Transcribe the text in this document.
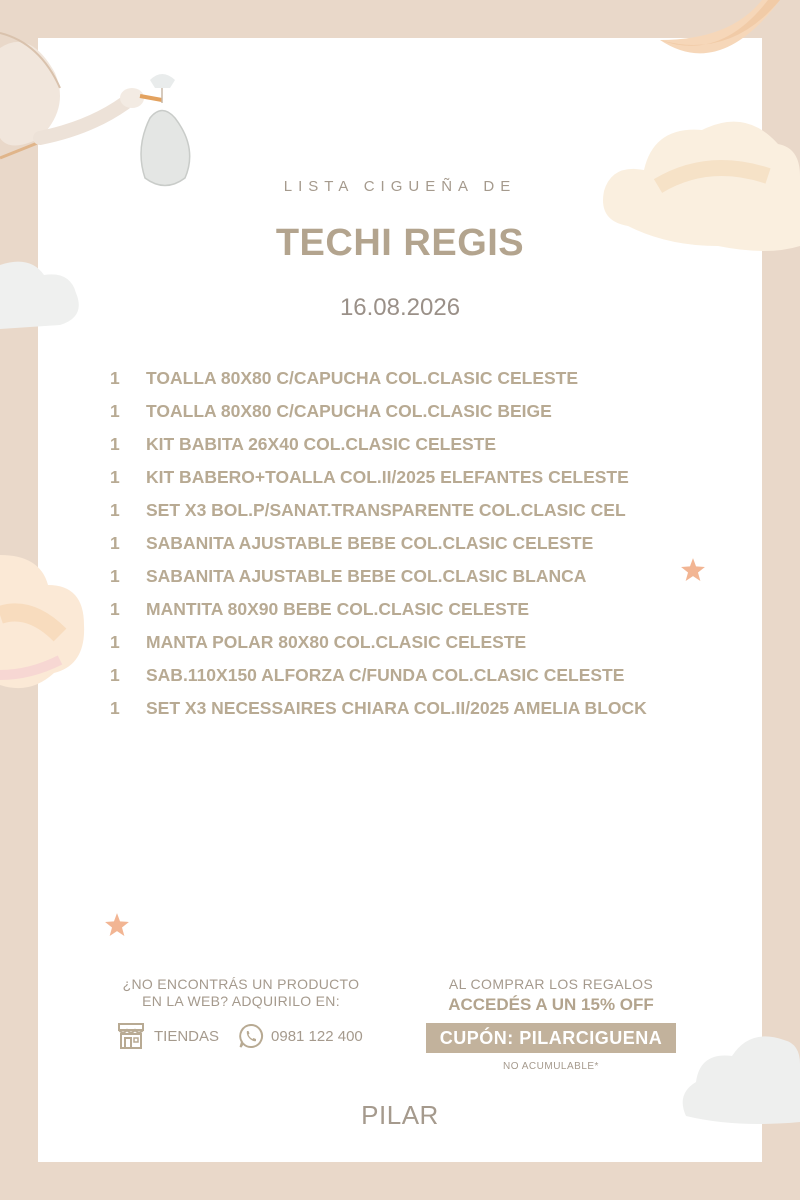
LISTA CIGUEÑA DE
TECHI REGIS
16.08.2026
1	TOALLA 80X80 C/CAPUCHA COL.CLASIC CELESTE
1	TOALLA 80X80 C/CAPUCHA COL.CLASIC BEIGE
1	KIT BABITA 26X40 COL.CLASIC CELESTE
1	KIT BABERO+TOALLA COL.II/2025 ELEFANTES CELESTE
1	SET X3 BOL.P/SANAT.TRANSPARENTE COL.CLASIC CEL
1	SABANITA AJUSTABLE BEBE COL.CLASIC CELESTE
1	SABANITA AJUSTABLE BEBE COL.CLASIC BLANCA
1	MANTITA 80X90 BEBE COL.CLASIC CELESTE
1	MANTA POLAR 80X80 COL.CLASIC CELESTE
1	SAB.110X150 ALFORZA C/FUNDA COL.CLASIC CELESTE
1	SET X3 NECESSAIRES CHIARA COL.II/2025 AMELIA BLOCK
¿NO ENCONTRÁS UN PRODUCTO
EN LA WEB? ADQUIRILO EN:
TIENDAS	0981 122 400
AL COMPRAR LOS REGALOS
ACCEDÉS A UN 15% OFF
CUPÓN: PILARCIGUENA
NO ACUMULABLE*
PILAR
